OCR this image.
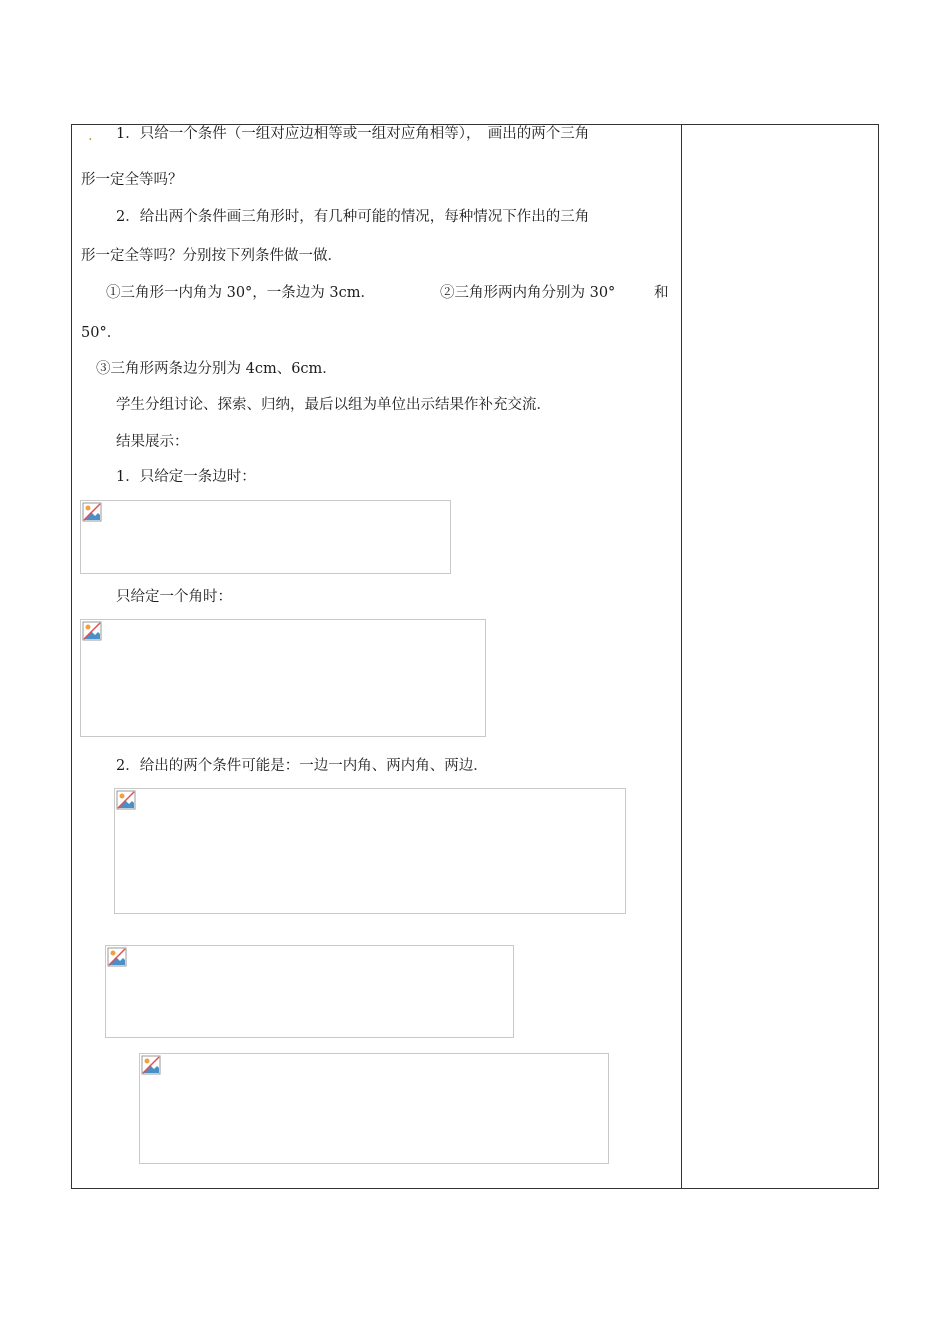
. 1．只给一个条件（一组对应边相等或一组对应角相等），　画出的两个三角
形一定全等吗？
2．给出两个条件画三角形时，有几种可能的情况，每种情况下作出的三角
形一定全等吗？分别按下列条件做一做．
①三角形一内角为 30°，一条边为 3cm．	②三角形两内角分别为 30°	和
50°．
③三角形两条边分别为 4cm、6cm．
学生分组讨论、探索、归纳，最后以组为单位出示结果作补充交流．
结果展示：
1．只给定一条边时：
只给定一个角时：
2．给出的两个条件可能是：一边一内角、两内角、两边．
